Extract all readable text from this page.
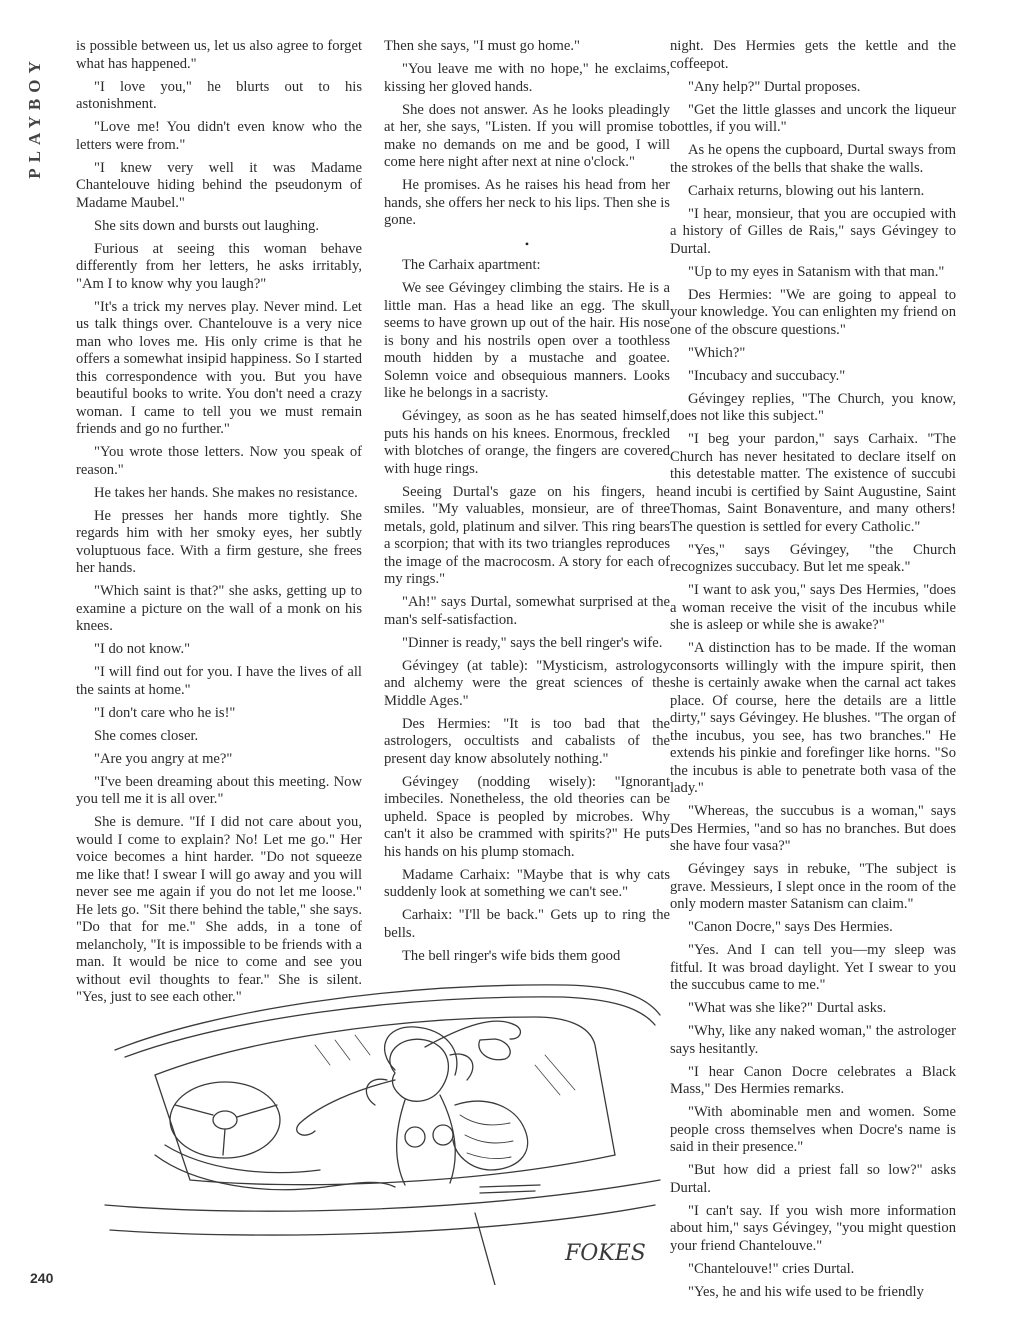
PLAYBOY

is possible between us, let us also agree to forget what has happened."

"I love you," he blurts out to his astonishment.

"Love me! You didn't even know who the letters were from."

"I knew very well it was Madame Chantelouve hiding behind the pseudonym of Madame Maubel."

She sits down and bursts out laughing.

Furious at seeing this woman behave differently from her letters, he asks irritably, "Am I to know why you laugh?"

"It's a trick my nerves play. Never mind. Let us talk things over. Chantelouve is a very nice man who loves me. His only crime is that he offers a somewhat insipid happiness. So I started this correspondence with you. But you have beautiful books to write. You don't need a crazy woman. I came to tell you we must remain friends and go no further."

"You wrote those letters. Now you speak of reason."

He takes her hands. She makes no resistance.

He presses her hands more tightly. She regards him with her smoky eyes, her subtly voluptuous face. With a firm gesture, she frees her hands.

"Which saint is that?" she asks, getting up to examine a picture on the wall of a monk on his knees.

"I do not know."

"I will find out for you. I have the lives of all the saints at home."

"I don't care who he is!"

She comes closer.

"Are you angry at me?"

"I've been dreaming about this meeting. Now you tell me it is all over."

She is demure. "If I did not care about you, would I come to explain? No! Let me go." Her voice becomes a hint harder. "Do not squeeze me like that! I swear I will go away and you will never see me again if you do not let me loose." He lets go. "Sit there behind the table," she says. "Do that for me." She adds, in a tone of melancholy, "It is impossible to be friends with a man. It would be nice to come and see you without evil thoughts to fear." She is silent. "Yes, just to see each other."

Then she says, "I must go home."

"You leave me with no hope," he exclaims, kissing her gloved hands.

She does not answer. As he looks pleadingly at her, she says, "Listen. If you will promise to make no demands on me and be good, I will come here night after next at nine o'clock."

He promises. As he raises his head from her hands, she offers her neck to his lips. Then she is gone.

•

The Carhaix apartment:

We see Gévingey climbing the stairs. He is a little man. Has a head like an egg. The skull seems to have grown up out of the hair. His nose is bony and his nostrils open over a toothless mouth hidden by a mustache and goatee. Solemn voice and obsequious manners. Looks like he belongs in a sacristy.

Gévingey, as soon as he has seated himself, puts his hands on his knees. Enormous, freckled with blotches of orange, the fingers are covered with huge rings.

Seeing Durtal's gaze on his fingers, he smiles. "My valuables, monsieur, are of three metals, gold, platinum and silver. This ring bears a scorpion; that with its two triangles reproduces the image of the macrocosm. A story for each of my rings."

"Ah!" says Durtal, somewhat surprised at the man's self-satisfaction.

"Dinner is ready," says the bell ringer's wife.

Gévingey (at table): "Mysticism, astrology and alchemy were the great sciences of the Middle Ages."

Des Hermies: "It is too bad that the astrologers, occultists and cabalists of the present day know absolutely nothing."

Gévingey (nodding wisely): "Ignorant imbeciles. Nonetheless, the old theories can be upheld. Space is peopled by microbes. Why can't it also be crammed with spirits?" He puts his hands on his plump stomach.

Madame Carhaix: "Maybe that is why cats suddenly look at something we can't see."

Carhaix: "I'll be back." Gets up to ring the bells.

The bell ringer's wife bids them good

night. Des Hermies gets the kettle and the coffeepot.

"Any help?" Durtal proposes.

"Get the little glasses and uncork the liqueur bottles, if you will."

As he opens the cupboard, Durtal sways from the strokes of the bells that shake the walls.

Carhaix returns, blowing out his lantern.

"I hear, monsieur, that you are occupied with a history of Gilles de Rais," says Gévingey to Durtal.

"Up to my eyes in Satanism with that man."

Des Hermies: "We are going to appeal to your knowledge. You can enlighten my friend on one of the obscure questions."

"Which?"

"Incubacy and succubacy."

Gévingey replies, "The Church, you know, does not like this subject."

"I beg your pardon," says Carhaix. "The Church has never hesitated to declare itself on this detestable matter. The existence of succubi and incubi is certified by Saint Augustine, Saint Thomas, Saint Bonaventure, and many others! The question is settled for every Catholic."

"Yes," says Gévingey, "the Church recognizes succubacy. But let me speak."

"I want to ask you," says Des Hermies, "does a woman receive the visit of the incubus while she is asleep or while she is awake?"

"A distinction has to be made. If the woman consorts willingly with the impure spirit, then she is certainly awake when the carnal act takes place. Of course, here the details are a little dirty," says Gévingey. He blushes. "The organ of the incubus, you see, has two branches." He extends his pinkie and forefinger like horns. "So the incubus is able to penetrate both vasa of the lady."

"Whereas, the succubus is a woman," says Des Hermies, "and so has no branches. But does she have four vasa?"

Gévingey says in rebuke, "The subject is grave. Messieurs, I slept once in the room of the only modern master Satanism can claim."

"Canon Docre," says Des Hermies.

"Yes. And I can tell you—my sleep was fitful. It was broad daylight. Yet I swear to you the succubus came to me."

"What was she like?" Durtal asks.

"Why, like any naked woman," the astrologer says hesitantly.

"I hear Canon Docre celebrates a Black Mass," Des Hermies remarks.

"With abominable men and women. Some people cross themselves when Docre's name is said in their presence."

"But how did a priest fall so low?" asks Durtal.

"I can't say. If you wish more information about him," says Gévingey, "you might question your friend Chantelouve."

"Chantelouve!" cries Durtal.

"Yes, he and his wife used to be friendly

FOKES
240
